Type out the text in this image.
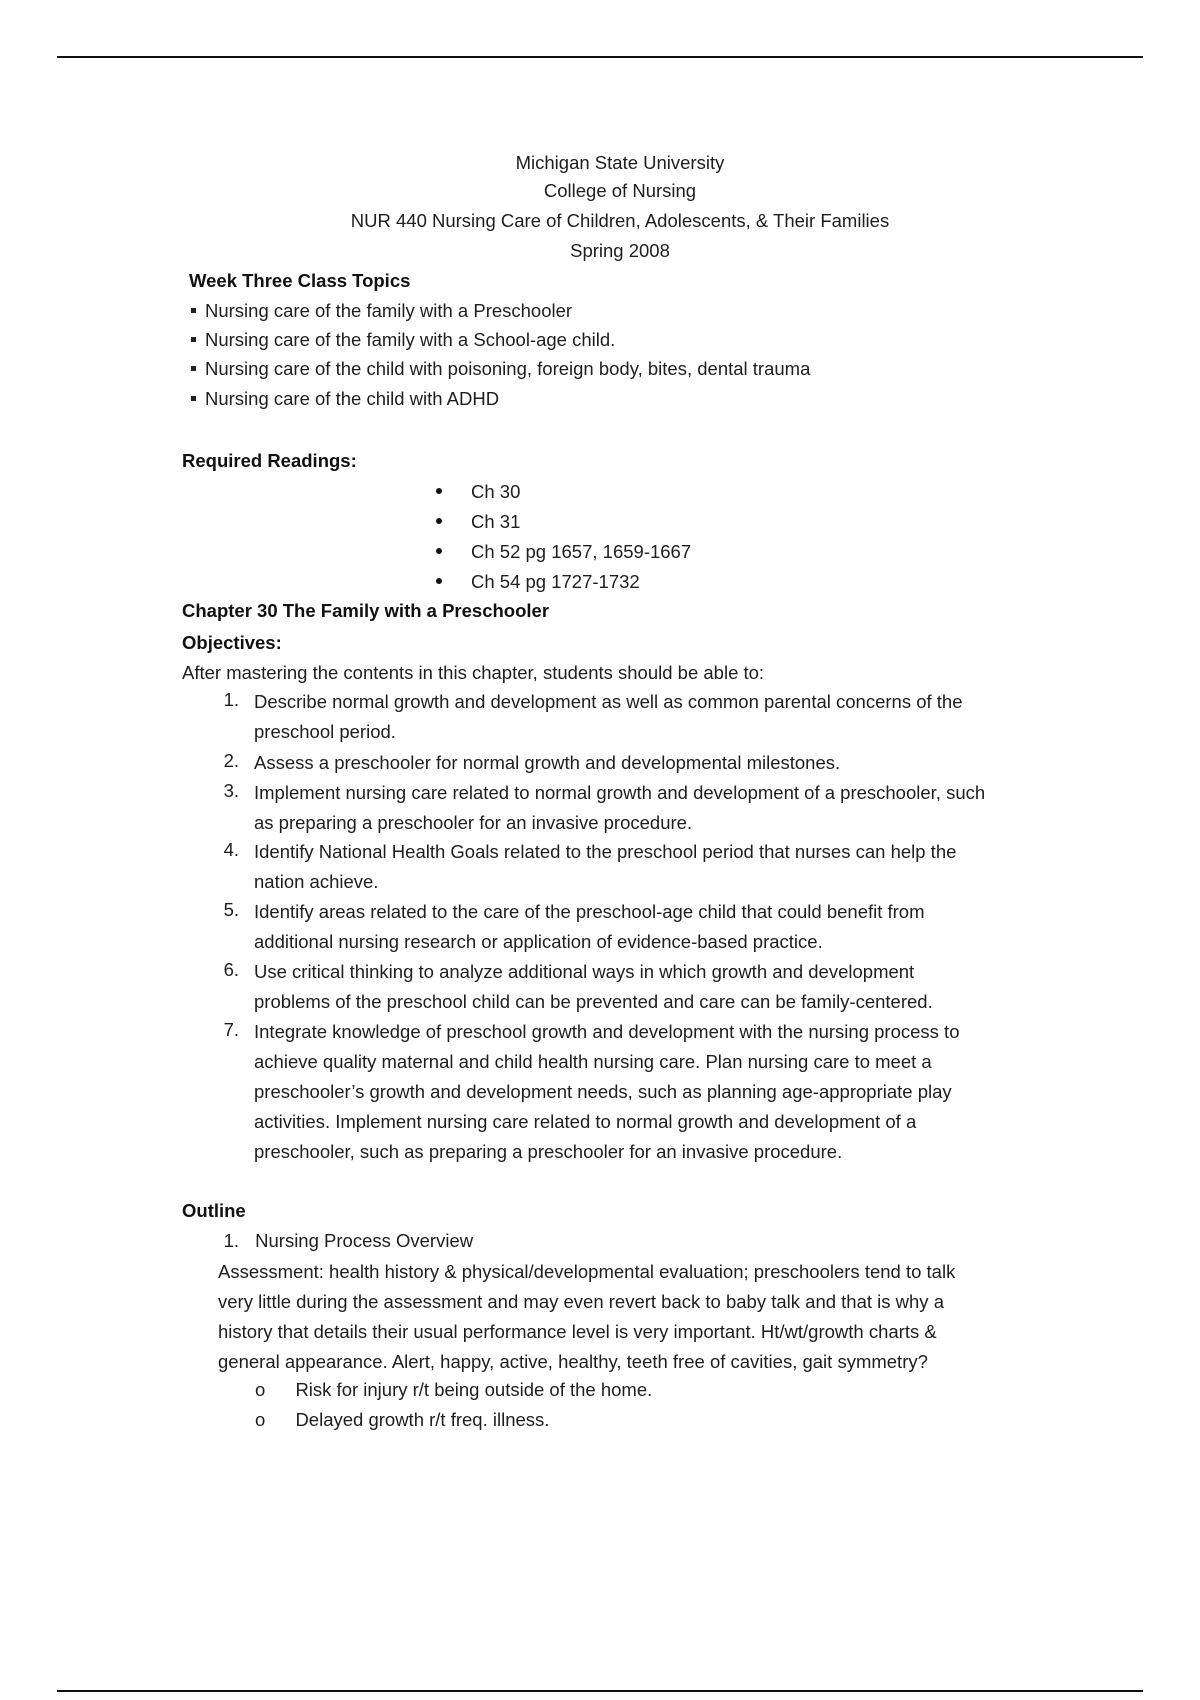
Michigan State University
College of Nursing
NUR 440 Nursing Care of Children, Adolescents, & Their Families
Spring 2008
Week Three Class Topics
Nursing care of the family with a Preschooler
Nursing care of the family with a School-age child.
Nursing care of the child with poisoning, foreign body, bites, dental trauma
Nursing care of the child with ADHD
Required Readings:
Ch 30
Ch 31
Ch 52 pg 1657, 1659-1667
Ch 54 pg 1727-1732
Chapter 30 The Family with a Preschooler
Objectives:
After mastering the contents in this chapter, students should be able to:
1. Describe normal growth and development as well as common parental concerns of the
preschool period.
2. Assess a preschooler for normal growth and developmental milestones.
3. Implement nursing care related to normal growth and development of a preschooler, such
as preparing a preschooler for an invasive procedure.
4. Identify National Health Goals related to the preschool period that nurses can help the
nation achieve.
5. Identify areas related to the care of the preschool-age child that could benefit from
additional nursing research or application of evidence-based practice.
6. Use critical thinking to analyze additional ways in which growth and development
problems of the preschool child can be prevented and care can be family-centered.
7. Integrate knowledge of preschool growth and development with the nursing process to
achieve quality maternal and child health nursing care. Plan nursing care to meet a
preschooler’s growth and development needs, such as planning age-appropriate play
activities. Implement nursing care related to normal growth and development of a
preschooler, such as preparing a preschooler for an invasive procedure.
Outline
1. Nursing Process Overview
Assessment: health history & physical/developmental evaluation; preschoolers tend to talk
very little during the assessment and may even revert back to baby talk and that is why a
history that details their usual performance level is very important. Ht/wt/growth charts &
general appearance. Alert, happy, active, healthy, teeth free of cavities, gait symmetry?
o Risk for injury r/t being outside of the home.
o Delayed growth r/t freq. illness.
